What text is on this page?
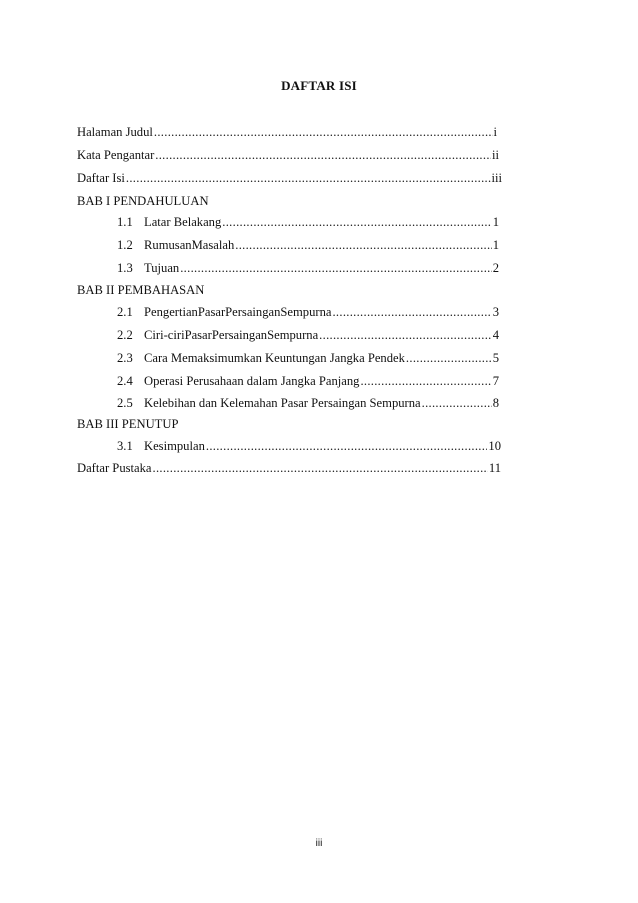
DAFTAR ISI
Halaman Judul .....	i
Kata Pengantar .....	ii
Daftar Isi .....	iii
BAB I PENDAHULUAN
1.1 Latar Belakang .....	1
1.2 RumusanMasalah .....	1
1.3 Tujuan .....	2
BAB II PEMBAHASAN
2.1 PengertianPasarPersainganSempurna .....	3
2.2 Ciri-ciriPasarPersainganSempurna .....	4
2.3 Cara Memaksimumkan Keuntungan Jangka Pendek .....	5
2.4 Operasi Perusahaan dalam Jangka Panjang .....	7
2.5 Kelebihan dan Kelemahan Pasar Persaingan Sempurna .....	8
BAB III PENUTUP
3.1 Kesimpulan .....	10
Daftar Pustaka .....	11
iii
